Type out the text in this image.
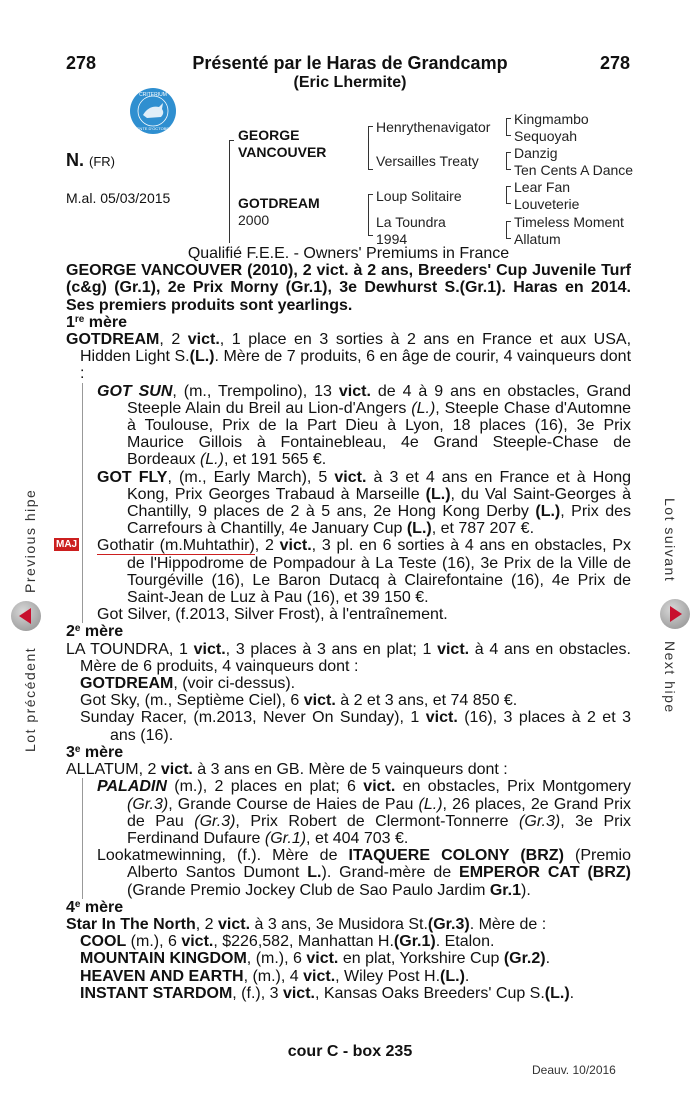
278	Présenté par le Haras de Grandcamp	278
(Eric Lhermite)
CRITERIUM
VENTE D'OCTOBRE
N. (FR)
M.al. 05/03/2015
GEORGE
VANCOUVER
GOTDREAM
2000
Henrythenavigator
Versailles Treaty
Loup Solitaire
La Toundra
1994
Kingmambo
Sequoyah
Danzig
Ten Cents A Dance
Lear Fan
Louveterie
Timeless Moment
Allatum

Qualifié F.E.E. - Owners' Premiums in France

GEORGE VANCOUVER (2010), 2 vict. à 2 ans, Breeders' Cup Juvenile Turf (c&g) (Gr.1), 2e Prix Morny (Gr.1), 3e Dewhurst S.(Gr.1). Haras en 2014. Ses premiers produits sont yearlings.

1re mère

GOTDREAM, 2 vict., 1 place en 3 sorties à 2 ans en France et aux USA, Hidden Light S.(L.). Mère de 7 produits, 6 en âge de courir, 4 vainqueurs dont :

GOT SUN, (m., Trempolino), 13 vict. de 4 à 9 ans en obstacles, Grand Steeple Alain du Breil au Lion-d'Angers (L.), Steeple Chase d'Automne à Toulouse, Prix de la Part Dieu à Lyon, 18 places (16), 3e Prix Maurice Gillois à Fontainebleau, 4e Grand Steeple-Chase de Bordeaux (L.), et 191 565 €.

GOT FLY, (m., Early March), 5 vict. à 3 et 4 ans en France et à Hong Kong, Prix Georges Trabaud à Marseille (L.), du Val Saint-Georges à Chantilly, 9 places de 2 à 5 ans, 2e Hong Kong Derby (L.), Prix des Carrefours à Chantilly, 4e January Cup (L.), et 787 207 €.

MAJ Gothatir (m.Muhtathir), 2 vict., 3 pl. en 6 sorties à 4 ans en obstacles, Px de l'Hippodrome de Pompadour à La Teste (16), 3e Prix de la Ville de Tourgéville (16), Le Baron Dutacq à Clairefontaine (16), 4e Prix de Saint-Jean de Luz à Pau (16), et 39 150 €.

Got Silver, (f.2013, Silver Frost), à l'entraînement.

2e mère

LA TOUNDRA, 1 vict., 3 places à 3 ans en plat; 1 vict. à 4 ans en obstacles. Mère de 6 produits, 4 vainqueurs dont :

GOTDREAM, (voir ci-dessus).

Got Sky, (m., Septième Ciel), 6 vict. à 2 et 3 ans, et 74 850 €.

Sunday Racer, (m.2013, Never On Sunday), 1 vict. (16), 3 places à 2 et 3 ans (16).

3e mère

ALLATUM, 2 vict. à 3 ans en GB. Mère de 5 vainqueurs dont :

PALADIN (m.), 2 places en plat; 6 vict. en obstacles, Prix Montgomery (Gr.3), Grande Course de Haies de Pau (L.), 26 places, 2e Grand Prix de Pau (Gr.3), Prix Robert de Clermont-Tonnerre (Gr.3), 3e Prix Ferdinand Dufaure (Gr.1), et 404 703 €.

Lookatmewinning, (f.). Mère de ITAQUERE COLONY (BRZ) (Premio Alberto Santos Dumont L.). Grand-mère de EMPEROR CAT (BRZ) (Grande Premio Jockey Club de Sao Paulo Jardim Gr.1).

4e mère

Star In The North, 2 vict. à 3 ans, 3e Musidora St.(Gr.3). Mère de :

COOL (m.), 6 vict., $226,582, Manhattan H.(Gr.1). Etalon.

MOUNTAIN KINGDOM, (m.), 6 vict. en plat, Yorkshire Cup (Gr.2).

HEAVEN AND EARTH, (m.), 4 vict., Wiley Post H.(L.).

INSTANT STARDOM, (f.), 3 vict., Kansas Oaks Breeders' Cup S.(L.).

Lot précédent
Previous hipe	Lot suivant
Next hipe
cour C - box 235
Deauv. 10/2016
